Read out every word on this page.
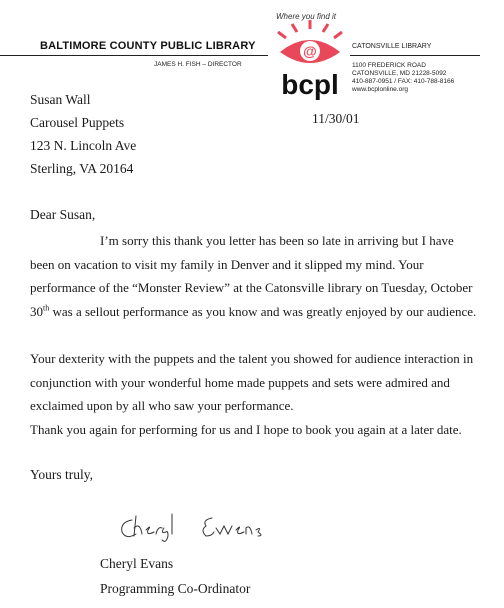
Where you find it
BALTIMORE COUNTY PUBLIC LIBRARY
JAMES H. FISH – DIRECTOR
@
bcpl
CATONSVILLE LIBRARY
1100 FREDERICK ROAD
CATONSVILLE, MD 21228-5092
410-887-0951 / FAX: 410-788-8166
www.bcplonline.org
Susan Wall
Carousel Puppets
123 N. Lincoln Ave
Sterling, VA 20164
11/30/01
Dear Susan,
I’m sorry this thank you letter has been so late in arriving but I have been on vacation to visit my family in Denver and it slipped my mind. Your performance of the “Monster Review” at the Catonsville library on Tuesday, October 30th was a sellout performance as you know and was greatly enjoyed by our audience.
Your dexterity with the puppets and the talent you showed for audience interaction in conjunction with your wonderful home made puppets and sets were admired and exclaimed upon by all who saw your performance.
Thank you again for performing for us and I hope to book you again at a later date.
Yours truly,
Cheryl Evans
Programming Co-Ordinator
